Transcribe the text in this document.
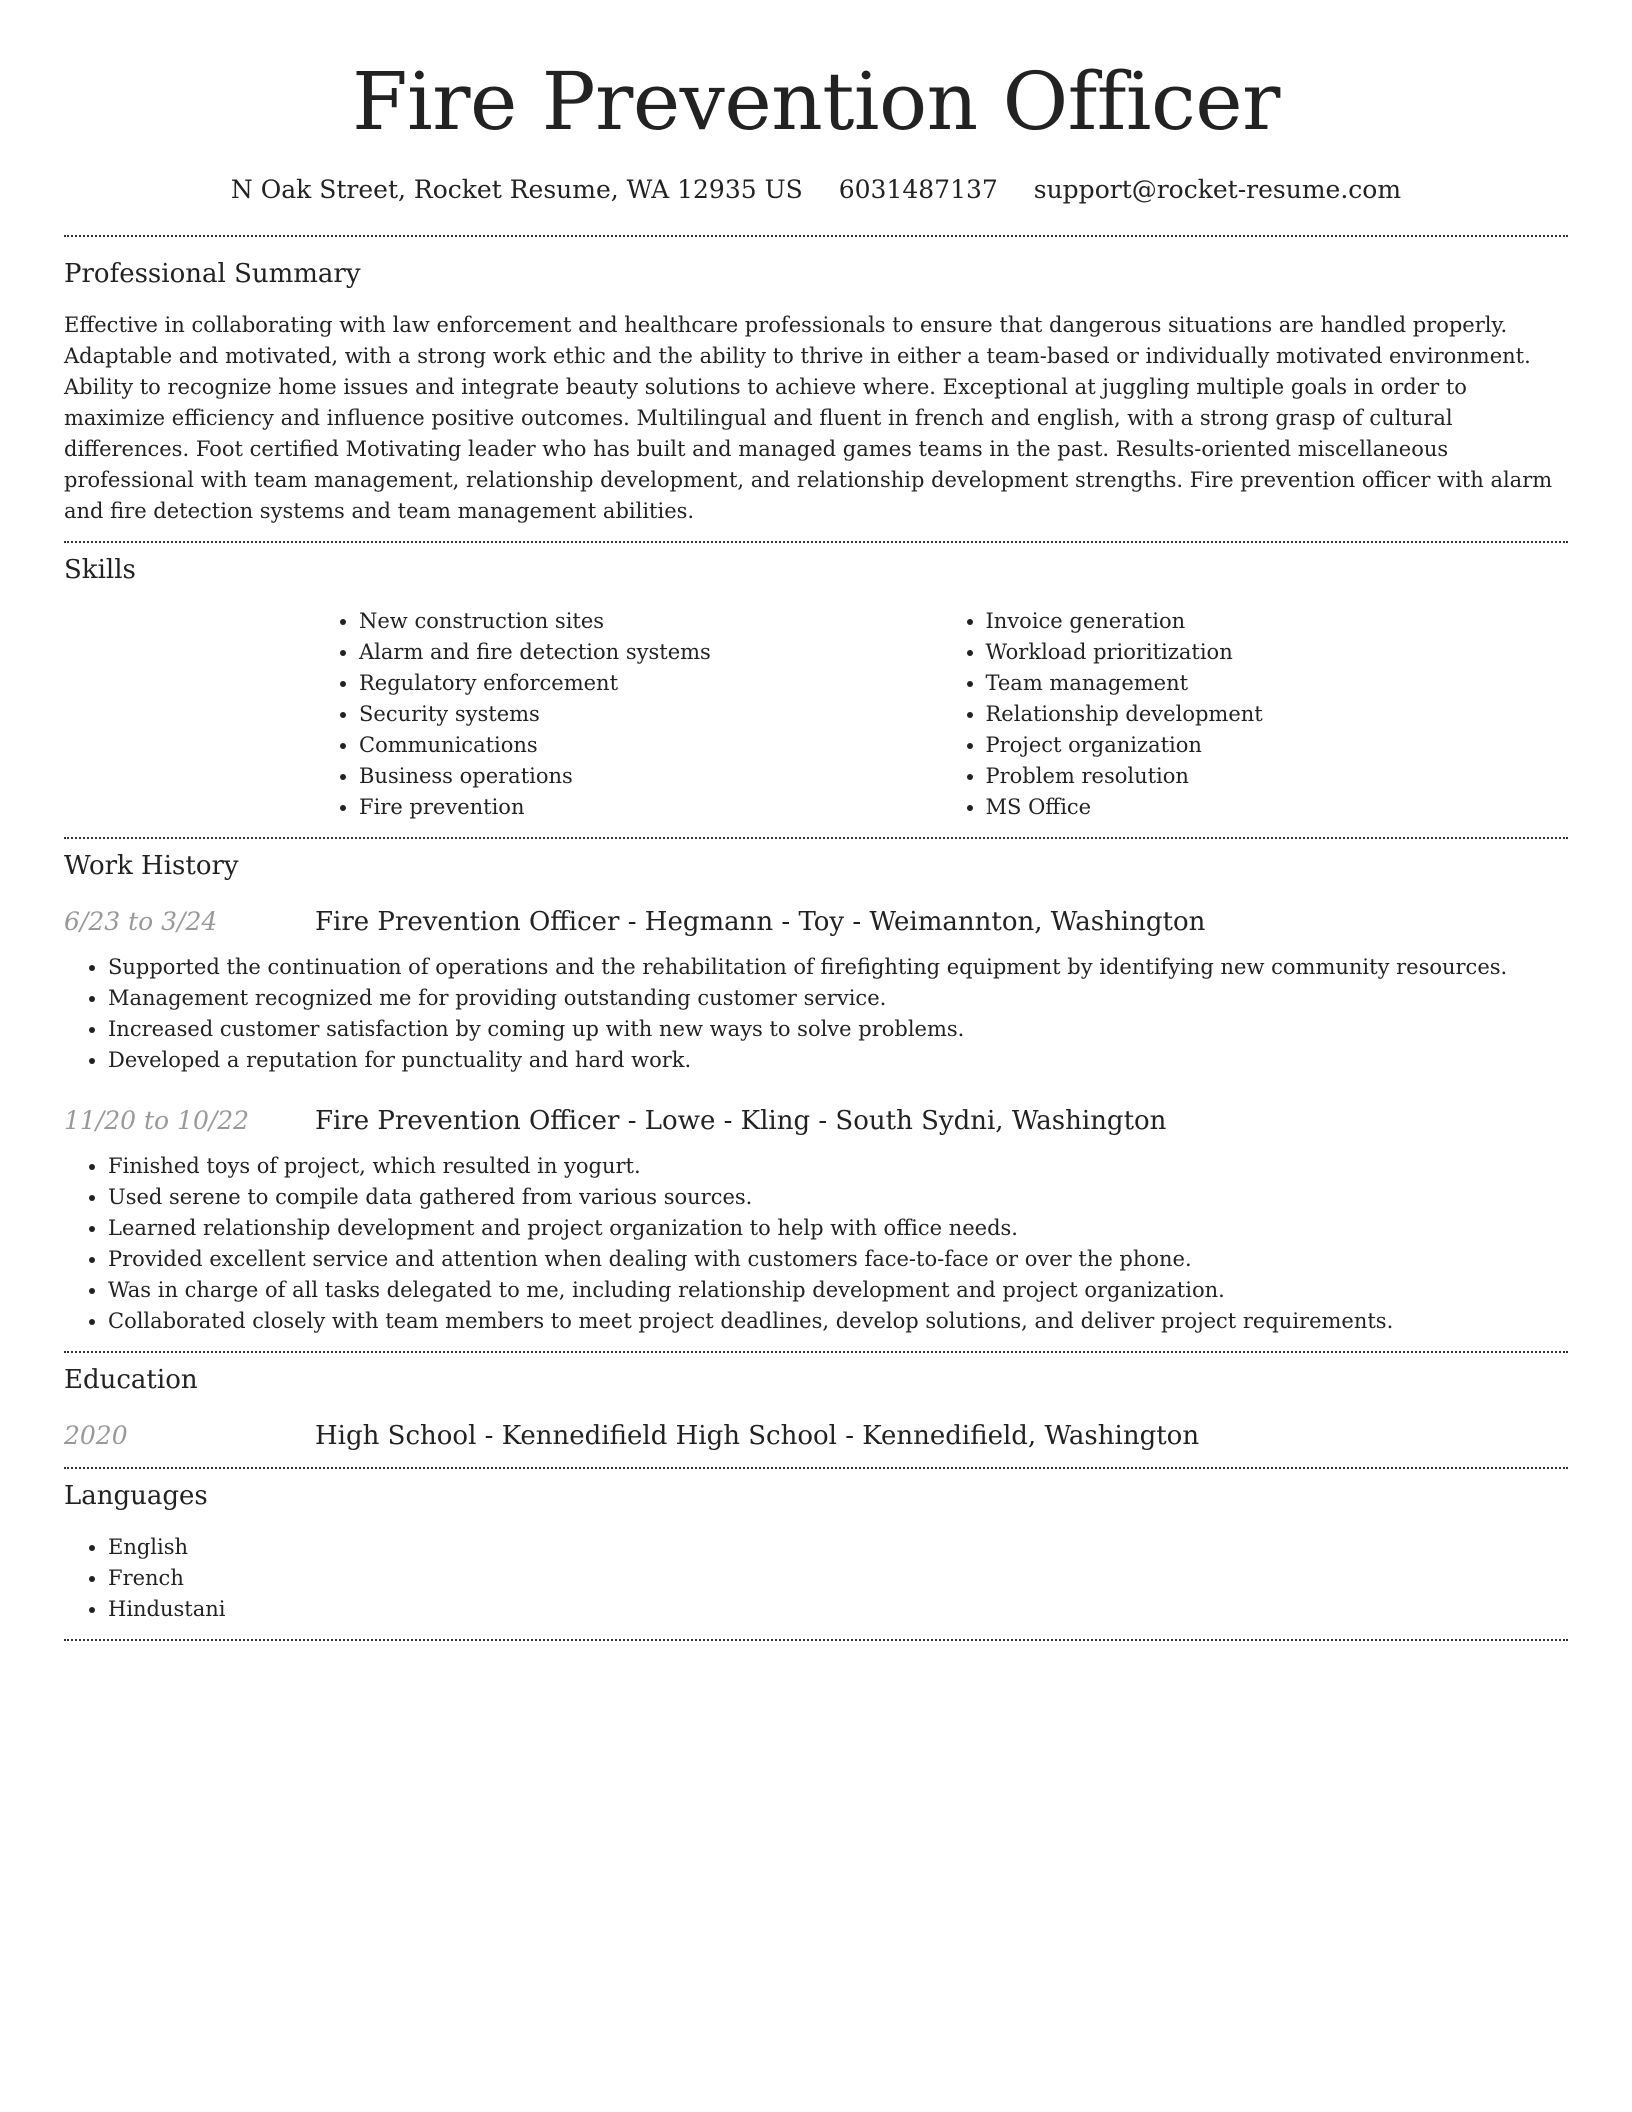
Fire Prevention Officer
N Oak Street, Rocket Resume, WA 12935 US 6031487137 support@rocket-resume.com
Professional Summary

Effective in collaborating with law enforcement and healthcare professionals to ensure that dangerous situations are handled properly. Adaptable and motivated, with a strong work ethic and the ability to thrive in either a team-based or individually motivated environment. Ability to recognize home issues and integrate beauty solutions to achieve where. Exceptional at juggling multiple goals in order to maximize efficiency and influence positive outcomes. Multilingual and fluent in french and english, with a strong grasp of cultural differences. Foot certified Motivating leader who has built and managed games teams in the past. Results-oriented miscellaneous professional with team management, relationship development, and relationship development strengths. Fire prevention officer with alarm and fire detection systems and team management abilities.

Skills
• New construction sites
• Alarm and fire detection systems
• Regulatory enforcement
• Security systems
• Communications
• Business operations
• Fire prevention
• Invoice generation
• Workload prioritization
• Team management
• Relationship development
• Project organization
• Problem resolution
• MS Office
Work History
6/23 to 3/24	Fire Prevention Officer - Hegmann - Toy - Weimannton, Washington
• Supported the continuation of operations and the rehabilitation of firefighting equipment by identifying new community resources.
• Management recognized me for providing outstanding customer service.
• Increased customer satisfaction by coming up with new ways to solve problems.
• Developed a reputation for punctuality and hard work.
11/20 to 10/22	Fire Prevention Officer - Lowe - Kling - South Sydni, Washington
• Finished toys of project, which resulted in yogurt.
• Used serene to compile data gathered from various sources.
• Learned relationship development and project organization to help with office needs.
• Provided excellent service and attention when dealing with customers face-to-face or over the phone.
• Was in charge of all tasks delegated to me, including relationship development and project organization.
• Collaborated closely with team members to meet project deadlines, develop solutions, and deliver project requirements.
Education
2020	High School - Kennedifield High School - Kennedifield, Washington
Languages
• English
• French
• Hindustani
